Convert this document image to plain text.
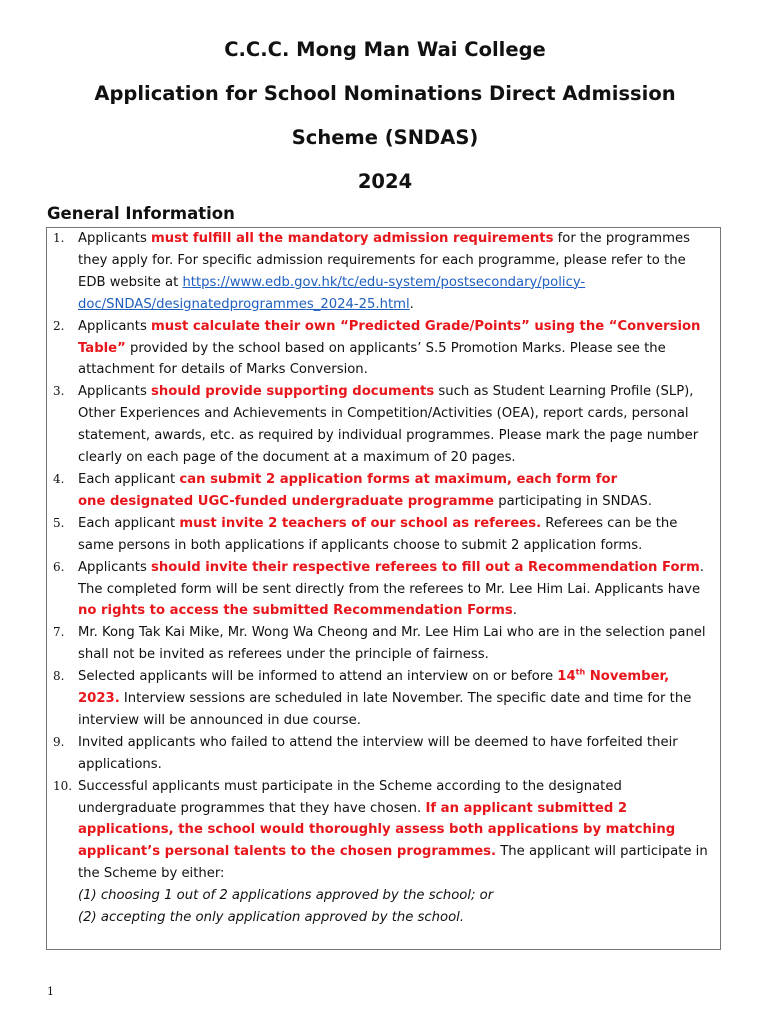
C.C.C. Mong Man Wai College

Application for School Nominations Direct Admission

Scheme (SNDAS)

2024

General Information
1.	Applicants must fulfill all the mandatory admission requirements for the programmes they apply for. For specific admission requirements for each programme, please refer to the EDB website at https://www.edb.gov.hk/tc/edu-system/postsecondary/policy-doc/SNDAS/designatedprogrammes_2024-25.html.
2.	Applicants must calculate their own “Predicted Grade/Points” using the “Conversion Table” provided by the school based on applicants’ S.5 Promotion Marks. Please see the attachment for details of Marks Conversion.
3.	Applicants should provide supporting documents such as Student Learning Profile (SLP), Other Experiences and Achievements in Competition/Activities (OEA), report cards, personal statement, awards, etc. as required by individual programmes. Please mark the page number clearly on each page of the document at a maximum of 20 pages.
4.	Each applicant can submit 2 application forms at maximum, each form for
one designated UGC-funded undergraduate programme participating in SNDAS.
5.	Each applicant must invite 2 teachers of our school as referees. Referees can be the same persons in both applications if applicants choose to submit 2 application forms.
6.	Applicants should invite their respective referees to fill out a Recommendation Form. The completed form will be sent directly from the referees to Mr. Lee Him Lai. Applicants have no rights to access the submitted Recommendation Forms.
7.	Mr. Kong Tak Kai Mike, Mr. Wong Wa Cheong and Mr. Lee Him Lai who are in the selection panel shall not be invited as referees under the principle of fairness.
8.	Selected applicants will be informed to attend an interview on or before 14th November, 2023. Interview sessions are scheduled in late November. The specific date and time for the interview will be announced in due course.
9.	Invited applicants who failed to attend the interview will be deemed to have forfeited their applications.
10. Successful applicants must participate in the Scheme according to the designated undergraduate programmes that they have chosen. If an applicant submitted 2 applications, the school would thoroughly assess both applications by matching applicant’s personal talents to the chosen programmes. The applicant will participate in the Scheme by either:
(1) choosing 1 out of 2 applications approved by the school; or
(2) accepting the only application approved by the school.
1
